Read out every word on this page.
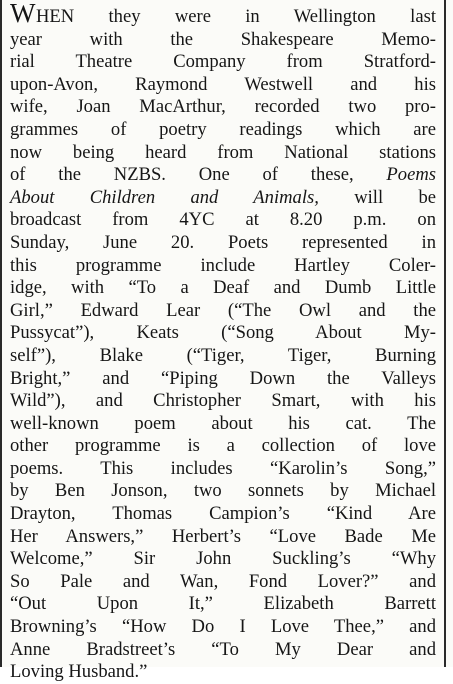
WHEN they were in Wellington last
year with the Shakespeare Memo-
rial Theatre Company from Stratford-
upon-Avon, Raymond Westwell and his
wife, Joan MacArthur, recorded two pro-
grammes of poetry readings which are
now being heard from National stations
of the NZBS. One of these, Poems
About Children and Animals, will be
broadcast from 4YC at 8.20 p.m. on
Sunday, June 20. Poets represented in
this programme include Hartley Coler-
idge, with “To a Deaf and Dumb Little
Girl,” Edward Lear (“The Owl and the
Pussycat”), Keats (“Song About My-
self”), Blake (“Tiger, Tiger, Burning
Bright,” and “Piping Down the Valleys
Wild”), and Christopher Smart, with his
well-known poem about his cat. The
other programme is a collection of love
poems. This includes “Karolin’s Song,”
by Ben Jonson, two sonnets by Michael
Drayton, Thomas Campion’s “Kind Are
Her Answers,” Herbert’s “Love Bade Me
Welcome,” Sir John Suckling’s “Why
So Pale and Wan, Fond Lover?” and
“Out Upon It,” Elizabeth Barrett
Browning’s “How Do I Love Thee,” and
Anne Bradstreet’s “To My Dear and
Loving Husband.”
